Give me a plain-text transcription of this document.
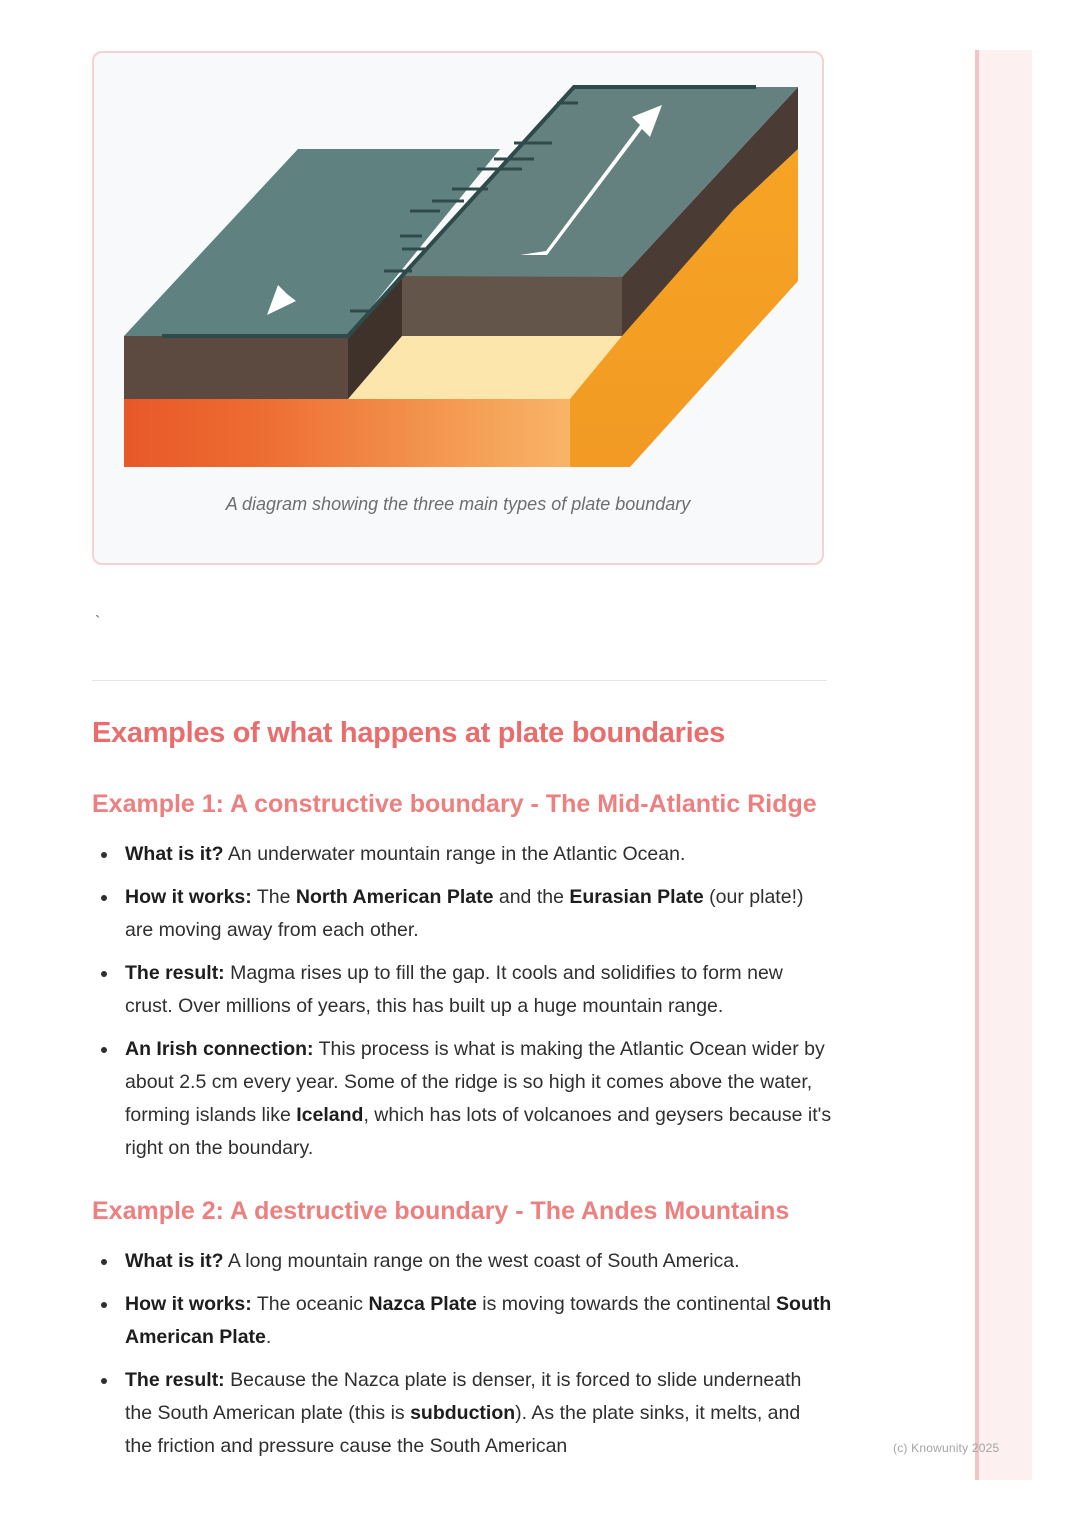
A diagram showing the three main types of plate boundary
`
Examples of what happens at plate boundaries
Example 1: A constructive boundary - The Mid-Atlantic Ridge
What is it? An underwater mountain range in the Atlantic Ocean.
How it works: The North American Plate and the Eurasian Plate (our plate!) are moving away from each other.
The result: Magma rises up to fill the gap. It cools and solidifies to form new crust. Over millions of years, this has built up a huge mountain range.
An Irish connection: This process is what is making the Atlantic Ocean wider by about 2.5 cm every year. Some of the ridge is so high it comes above the water, forming islands like Iceland, which has lots of volcanoes and geysers because it's right on the boundary.
Example 2: A destructive boundary - The Andes Mountains
What is it? A long mountain range on the west coast of South America.
How it works: The oceanic Nazca Plate is moving towards the continental South American Plate.
The result: Because the Nazca plate is denser, it is forced to slide underneath the South American plate (this is subduction). As the plate sinks, it melts, and the friction and pressure cause the South American	(c) Knowunity 2025
